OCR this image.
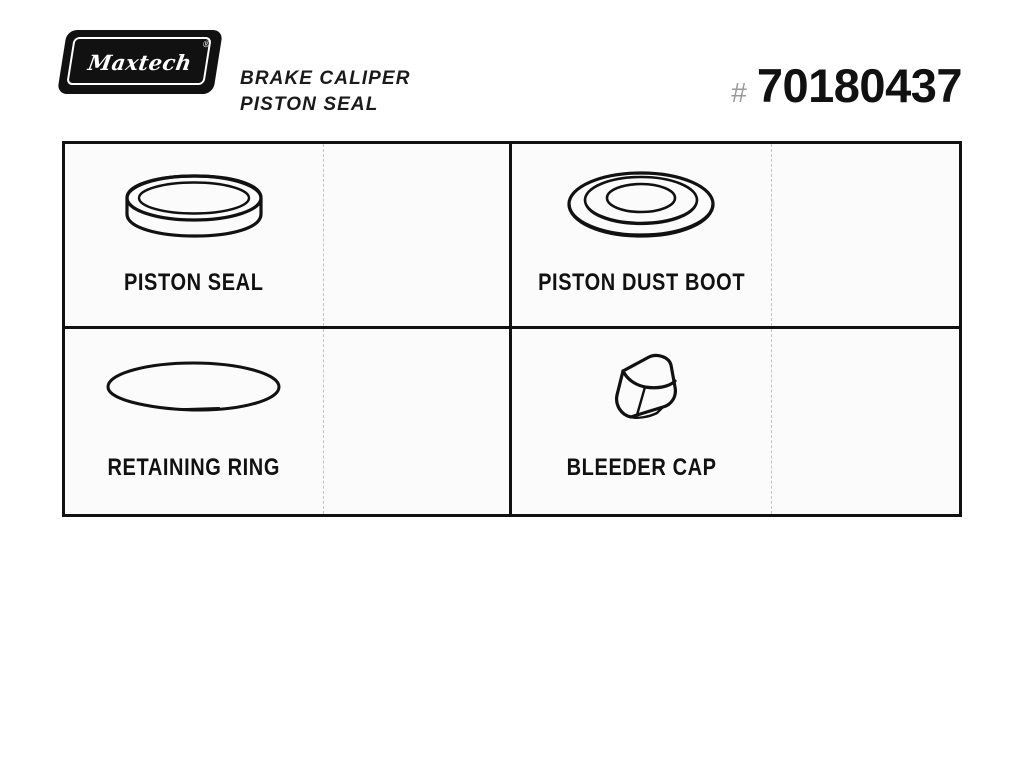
Maxtech
®
BRAKE CALIPER
PISTON SEAL	# 70180437
PISTON SEAL	PISTON DUST BOOT
RETAINING RING	BLEEDER CAP
